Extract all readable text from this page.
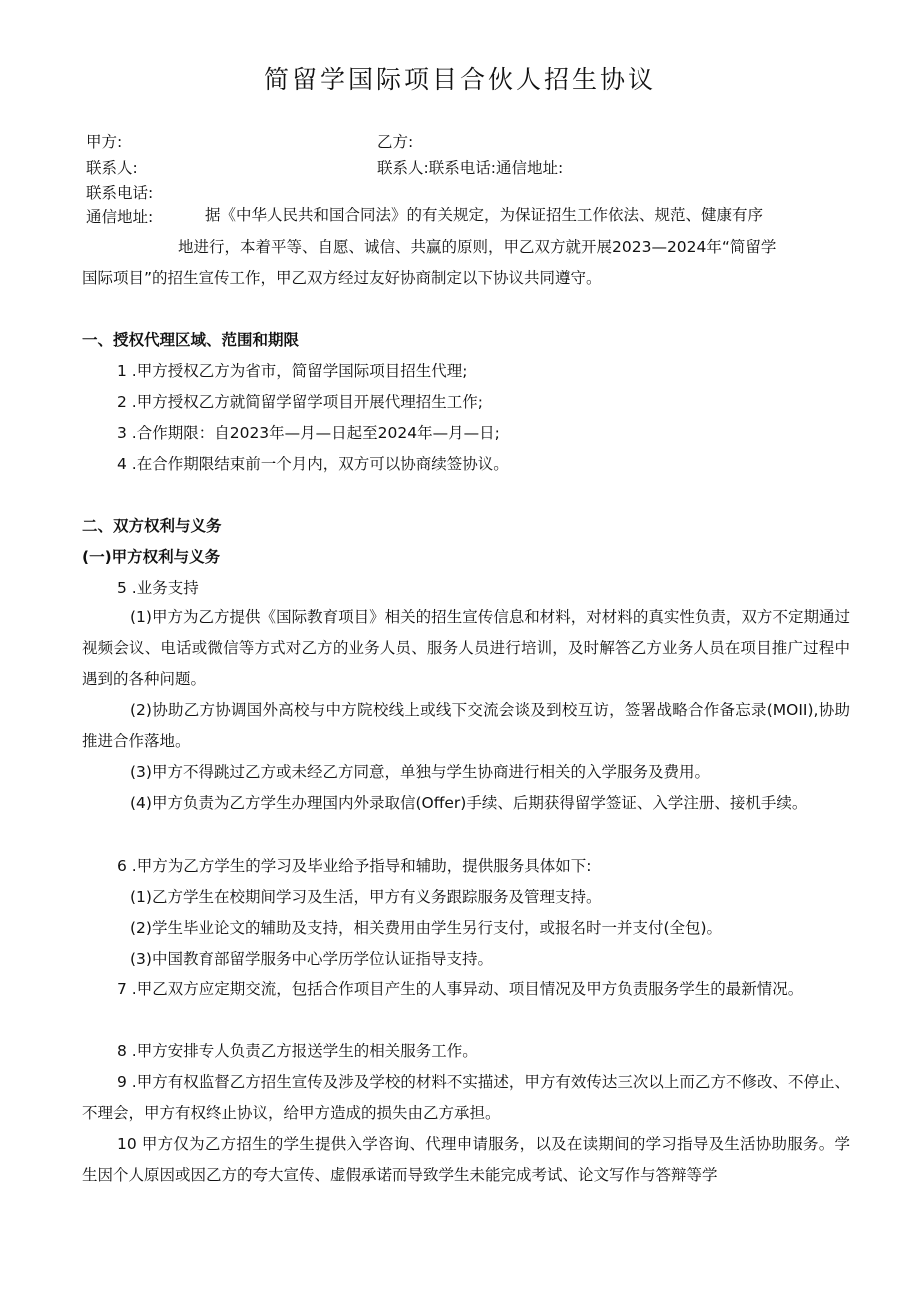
简留学国际项目合伙人招生协议
甲方:	乙方:
联系人:	联系人:联系电话:通信地址:
联系电话:
通信地址:	据《中华人民共和国合同法》的有关规定，为保证招生工作依法、规范、健康有序
地进行，本着平等、自愿、诚信、共赢的原则，甲乙双方就开展2023—2024年“简留学
国际项目”的招生宣传工作，甲乙双方经过友好协商制定以下协议共同遵守。
一、授权代理区域、范围和期限
1 .甲方授权乙方为省市，简留学国际项目招生代理;
2 .甲方授权乙方就简留学留学项目开展代理招生工作;
3 .合作期限：自2023年—月—日起至2024年—月—日;
4 .在合作期限结束前一个月内，双方可以协商续签协议。
二、双方权利与义务
(一)甲方权利与义务
5 .业务支持
(1)甲方为乙方提供《国际教育项目》相关的招生宣传信息和材料，对材料的真实性负责，双方不定期通过视频会议、电话或微信等方式对乙方的业务人员、服务人员进行培训，及时解答乙方业务人员在项目推广过程中遇到的各种问题。
(2)协助乙方协调国外高校与中方院校线上或线下交流会谈及到校互访，签署战略合作备忘录(MOII),协助推进合作落地。
(3)甲方不得跳过乙方或未经乙方同意，单独与学生协商进行相关的入学服务及费用。
(4)甲方负责为乙方学生办理国内外录取信(Offer)手续、后期获得留学签证、入学注册、接机手续。
6 .甲方为乙方学生的学习及毕业给予指导和辅助，提供服务具体如下:
(1)乙方学生在校期间学习及生活，甲方有义务跟踪服务及管理支持。
(2)学生毕业论文的辅助及支持，相关费用由学生另行支付，或报名时一并支付(全包)。
(3)中国教育部留学服务中心学历学位认证指导支持。
7 .甲乙双方应定期交流，包括合作项目产生的人事异动、项目情况及甲方负责服务学生的最新情况。
8 .甲方安排专人负责乙方报送学生的相关服务工作。
9 .甲方有权监督乙方招生宣传及涉及学校的材料不实描述，甲方有效传达三次以上而乙方不修改、不停止、不理会，甲方有权终止协议，给甲方造成的损失由乙方承担。
10 甲方仅为乙方招生的学生提供入学咨询、代理申请服务，以及在读期间的学习指导及生活协助服务。学生因个人原因或因乙方的夸大宣传、虚假承诺而导致学生未能完成考试、论文写作与答辩等学
